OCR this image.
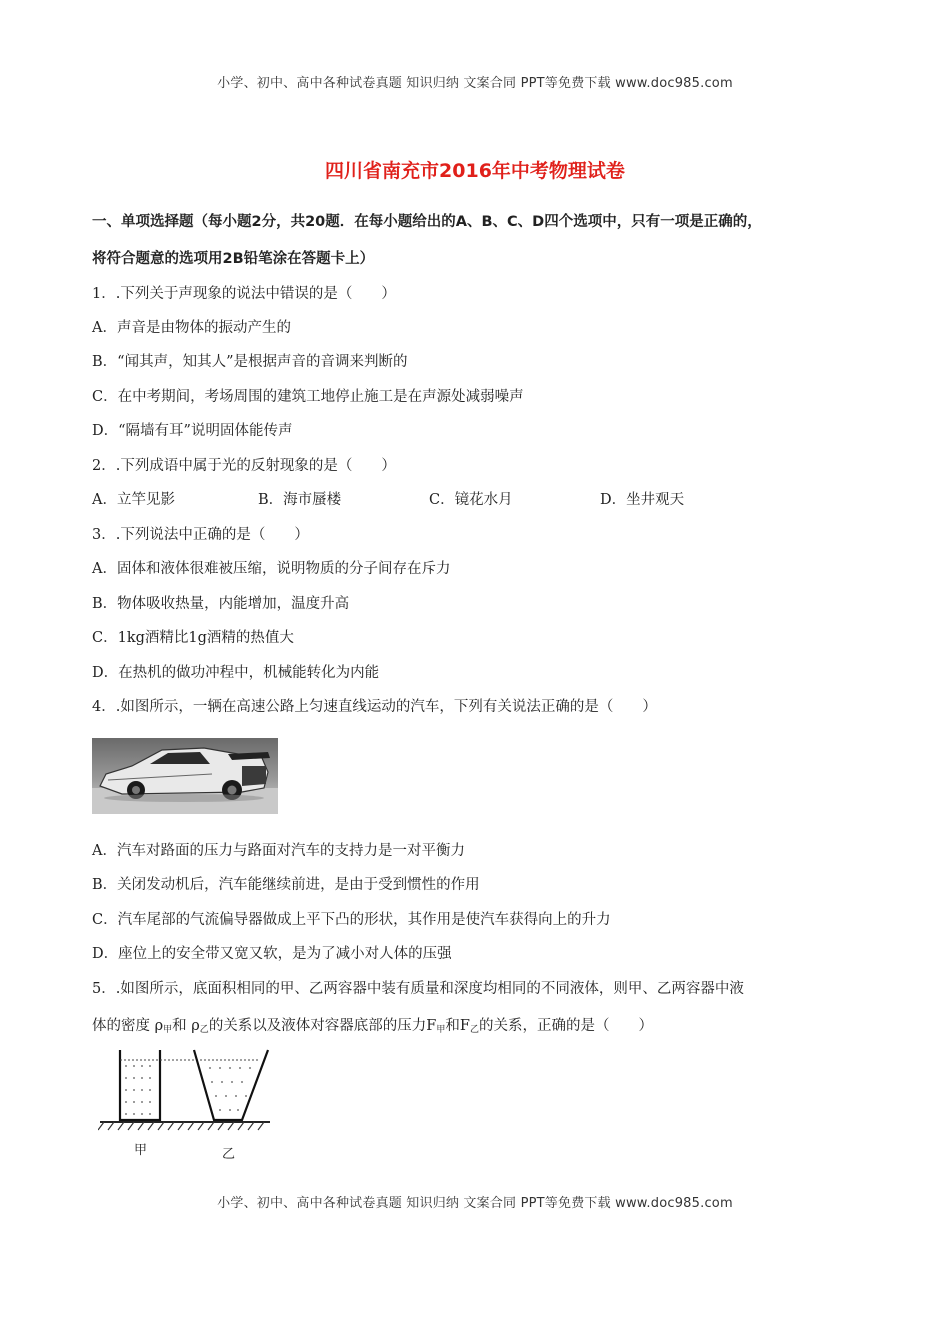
小学、初中、高中各种试卷真题 知识归纳 文案合同 PPT等免费下载 www.doc985.com
四川省南充市2016年中考物理试卷
一、单项选择题（每小题2分，共20题．在每小题给出的A、B、C、D四个选项中，只有一项是正确的，
将符合题意的选项用2B铅笔涂在答题卡上）
1．.下列关于声现象的说法中错误的是（　　）
A．声音是由物体的振动产生的
B．“闻其声，知其人”是根据声音的音调来判断的
C．在中考期间，考场周围的建筑工地停止施工是在声源处减弱噪声
D．“隔墙有耳”说明固体能传声
2．.下列成语中属于光的反射现象的是（　　）
A．立竿见影	B．海市蜃楼	C．镜花水月	D．坐井观天
3．.下列说法中正确的是（　　）
A．固体和液体很难被压缩，说明物质的分子间存在斥力
B．物体吸收热量，内能增加，温度升高
C．1kg酒精比1g酒精的热值大
D．在热机的做功冲程中，机械能转化为内能
4．.如图所示，一辆在高速公路上匀速直线运动的汽车，下列有关说法正确的是（　　）
A．汽车对路面的压力与路面对汽车的支持力是一对平衡力
B．关闭发动机后，汽车能继续前进，是由于受到惯性的作用
C．汽车尾部的气流偏导器做成上平下凸的形状，其作用是使汽车获得向上的升力
D．座位上的安全带又宽又软，是为了减小对人体的压强
5．.如图所示，底面积相同的甲、乙两容器中装有质量和深度均相同的不同液体，则甲、乙两容器中液
体的密度 $\rho_甲$和 $\rho_乙$的关系以及液体对容器底部的压力$F_甲$和$F_乙$的关系，正确的是（　　）
甲	乙
小学、初中、高中各种试卷真题 知识归纳 文案合同 PPT等免费下载 www.doc985.com
